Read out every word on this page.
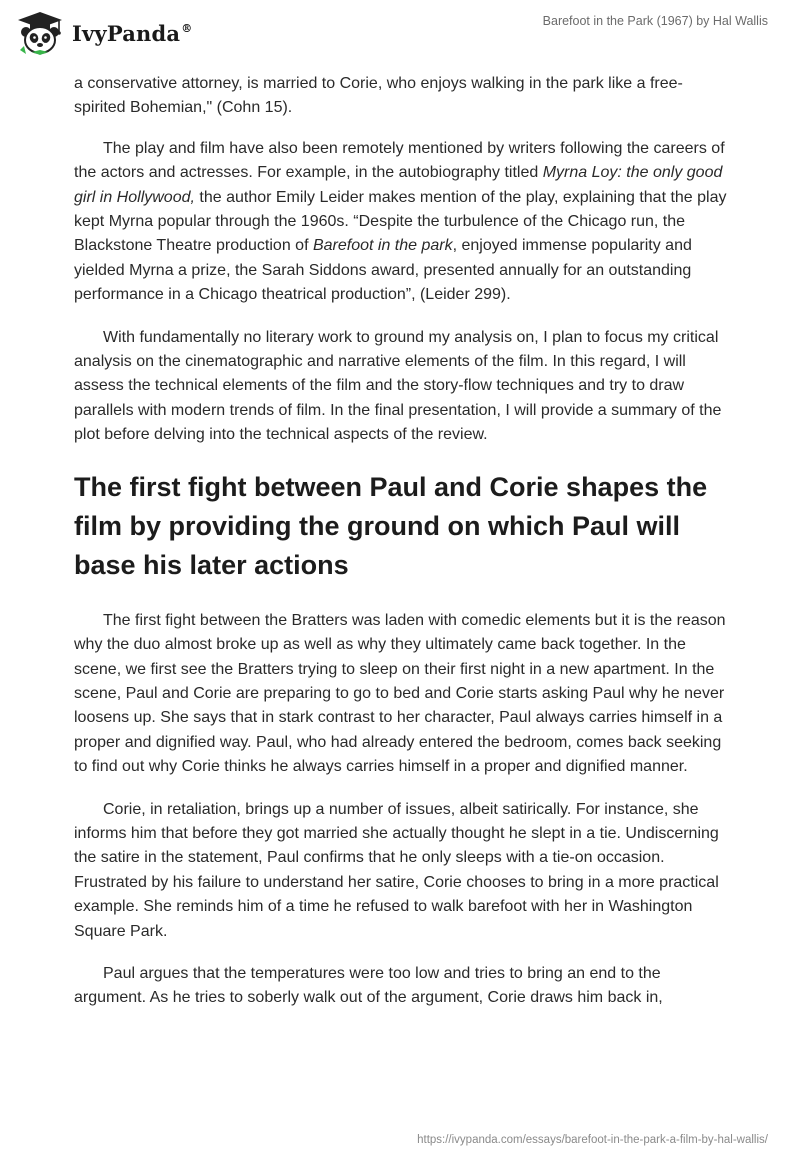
IvyPanda®	Barefoot in the Park (1967) by Hal Wallis

a conservative attorney, is married to Corie, who enjoys walking in the park like a free-spirited Bohemian," (Cohn 15).

The play and film have also been remotely mentioned by writers following the careers of the actors and actresses. For example, in the autobiography titled Myrna Loy: the only good girl in Hollywood, the author Emily Leider makes mention of the play, explaining that the play kept Myrna popular through the 1960s. “Despite the turbulence of the Chicago run, the Blackstone Theatre production of Barefoot in the park, enjoyed immense popularity and yielded Myrna a prize, the Sarah Siddons award, presented annually for an outstanding performance in a Chicago theatrical production”, (Leider 299).

With fundamentally no literary work to ground my analysis on, I plan to focus my critical analysis on the cinematographic and narrative elements of the film. In this regard, I will assess the technical elements of the film and the story-flow techniques and try to draw parallels with modern trends of film. In the final presentation, I will provide a summary of the plot before delving into the technical aspects of the review.

The first fight between Paul and Corie shapes the film by providing the ground on which Paul will base his later actions

The first fight between the Bratters was laden with comedic elements but it is the reason why the duo almost broke up as well as why they ultimately came back together. In the scene, we first see the Bratters trying to sleep on their first night in a new apartment. In the scene, Paul and Corie are preparing to go to bed and Corie starts asking Paul why he never loosens up. She says that in stark contrast to her character, Paul always carries himself in a proper and dignified way. Paul, who had already entered the bedroom, comes back seeking to find out why Corie thinks he always carries himself in a proper and dignified manner.

Corie, in retaliation, brings up a number of issues, albeit satirically. For instance, she informs him that before they got married she actually thought he slept in a tie. Undiscerning the satire in the statement, Paul confirms that he only sleeps with a tie-on occasion. Frustrated by his failure to understand her satire, Corie chooses to bring in a more practical example. She reminds him of a time he refused to walk barefoot with her in Washington Square Park.

Paul argues that the temperatures were too low and tries to bring an end to the argument. As he tries to soberly walk out of the argument, Corie draws him back in,

https://ivypanda.com/essays/barefoot-in-the-park-a-film-by-hal-wallis/
